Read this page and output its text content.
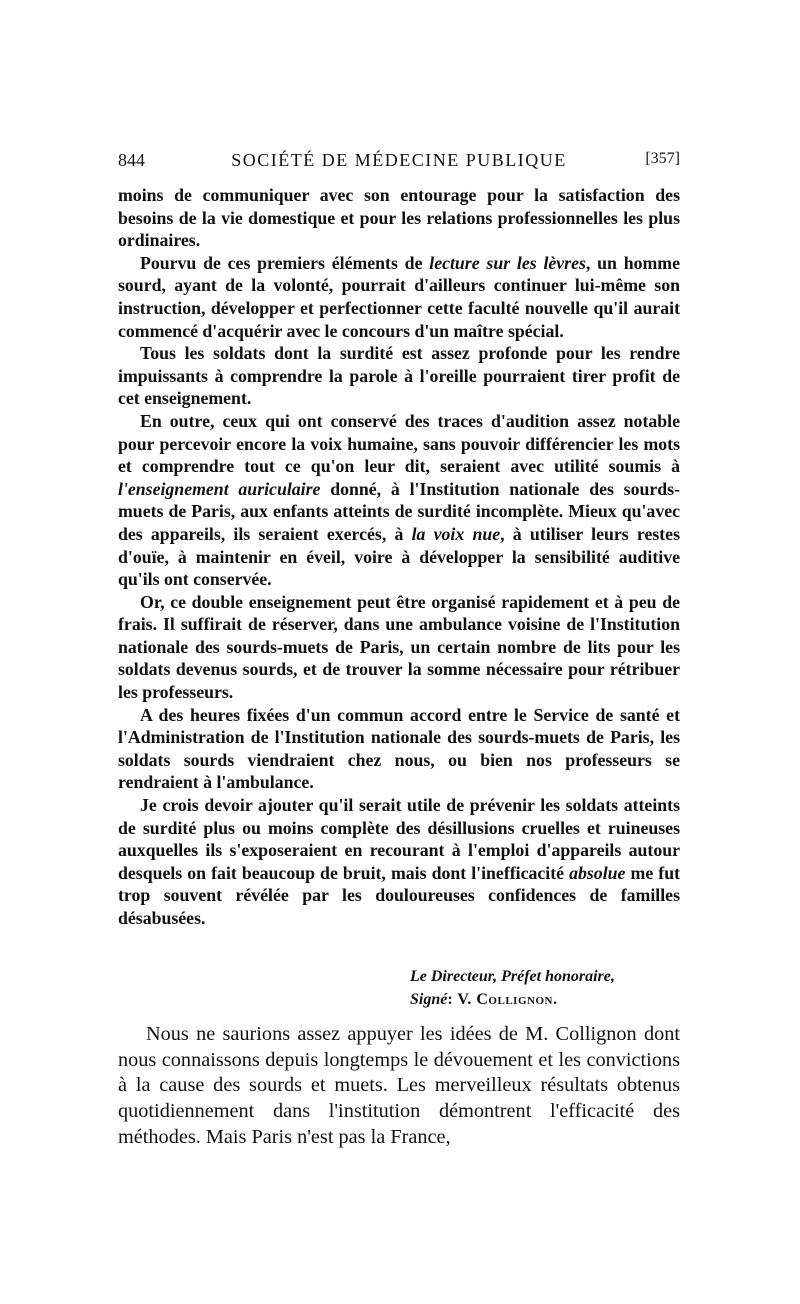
844	SOCIÉTÉ DE MÉDECINE PUBLIQUE	[357]

moins de communiquer avec son entourage pour la satisfaction des besoins de la vie domestique et pour les relations professionnelles les plus ordinaires.

Pourvu de ces premiers éléments de lecture sur les lèvres, un homme sourd, ayant de la volonté, pourrait d'ailleurs continuer lui-même son instruction, développer et perfectionner cette faculté nouvelle qu'il aurait commencé d'acquérir avec le concours d'un maître spécial.

Tous les soldats dont la surdité est assez profonde pour les rendre impuissants à comprendre la parole à l'oreille pourraient tirer profit de cet enseignement.

En outre, ceux qui ont conservé des traces d'audition assez notable pour percevoir encore la voix humaine, sans pouvoir différencier les mots et comprendre tout ce qu'on leur dit, seraient avec utilité soumis à l'enseignement auriculaire donné, à l'Institution nationale des sourds-muets de Paris, aux enfants atteints de surdité incomplète. Mieux qu'avec des appareils, ils seraient exercés, à la voix nue, à utiliser leurs restes d'ouïe, à maintenir en éveil, voire à développer la sensibilité auditive qu'ils ont conservée.

Or, ce double enseignement peut être organisé rapidement et à peu de frais. Il suffirait de réserver, dans une ambulance voisine de l'Institution nationale des sourds-muets de Paris, un certain nombre de lits pour les soldats devenus sourds, et de trouver la somme nécessaire pour rétribuer les professeurs.

A des heures fixées d'un commun accord entre le Service de santé et l'Administration de l'Institution nationale des sourds-muets de Paris, les soldats sourds viendraient chez nous, ou bien nos professeurs se rendraient à l'ambulance.

Je crois devoir ajouter qu'il serait utile de prévenir les soldats atteints de surdité plus ou moins complète des désillusions cruelles et ruineuses auxquelles ils s'exposeraient en recourant à l'emploi d'appareils autour desquels on fait beaucoup de bruit, mais dont l'inefficacité absolue me fut trop souvent révélée par les douloureuses confidences de familles désabusées.

Le Directeur, Préfet honoraire,
Signé: V. Collignon.

Nous ne saurions assez appuyer les idées de M. Collignon dont nous connaissons depuis longtemps le dévouement et les convictions à la cause des sourds et muets. Les merveilleux résultats obtenus quotidiennement dans l'institution démontrent l'efficacité des méthodes. Mais Paris n'est pas la France,
